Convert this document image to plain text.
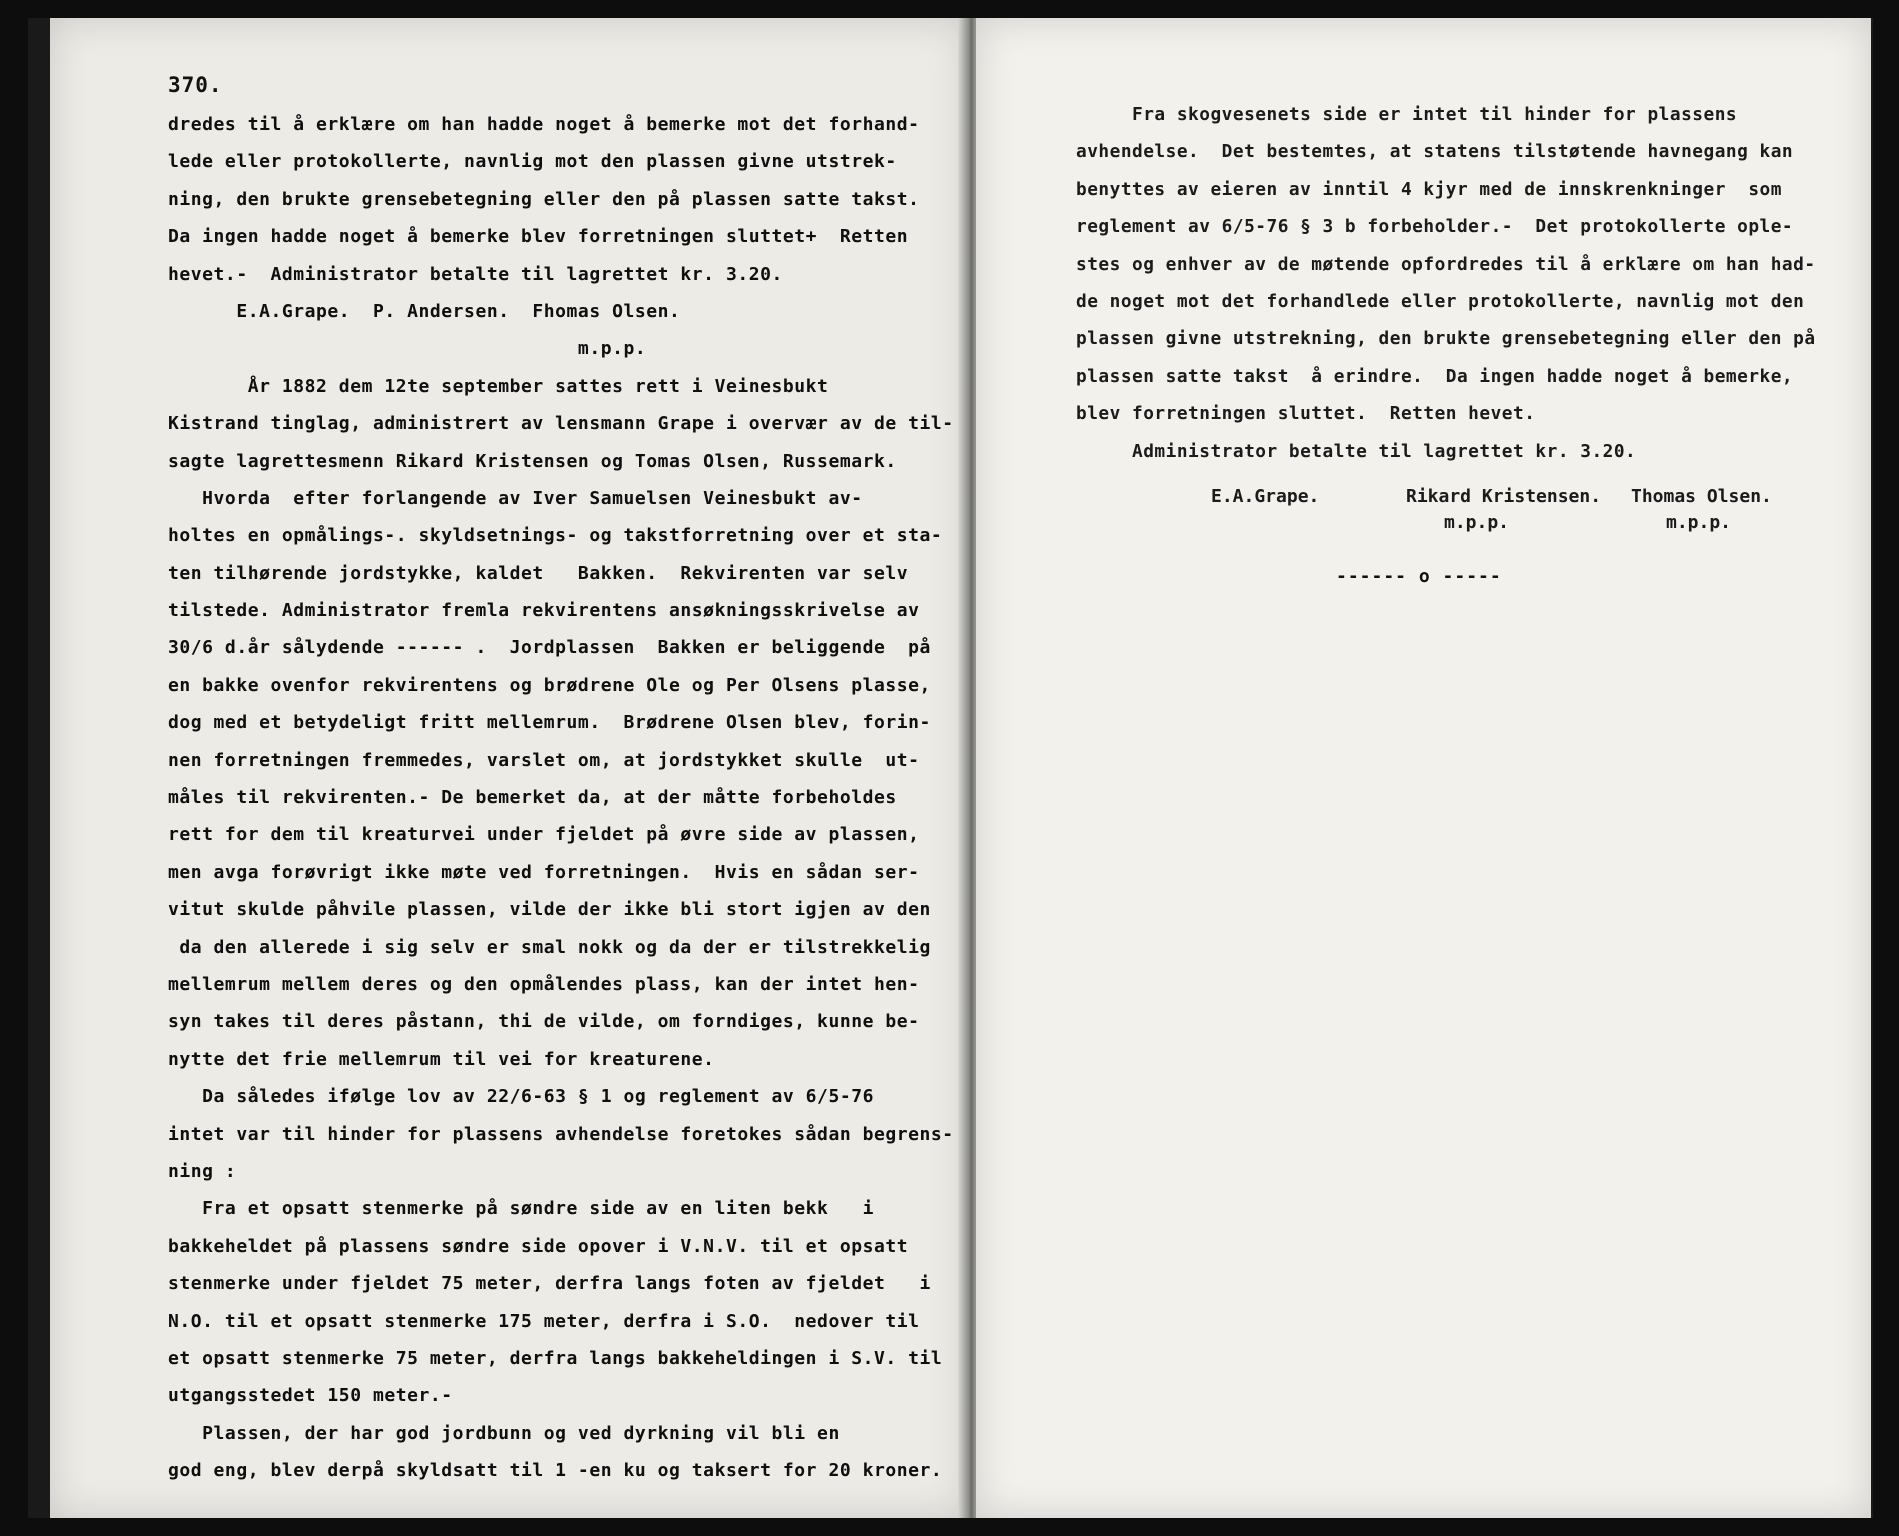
370.
dredes til å erklære om han hadde noget å bemerke mot det forhand-
lede eller protokollerte, navnlig mot den plassen givne utstrek-
ning, den brukte grensebetegning eller den på plassen satte takst.
Da ingen hadde noget å bemerke blev forretningen sluttet+  Retten
hevet.-  Administrator betalte til lagrettet kr. 3.20.
E.A.Grape.  P. Andersen.  Fhomas Olsen.
m.p.p.
År 1882 dem 12te september sattes rett i Veinesbukt
Kistrand tinglag, administrert av lensmann Grape i overvær av de til-
sagte lagrettesmenn Rikard Kristensen og Tomas Olsen, Russemark.
Hvorda  efter forlangende av Iver Samuelsen Veinesbukt av-
holtes en opmålings-. skyldsetnings- og takstforretning over et sta-
ten tilhørende jordstykke, kaldet   Bakken.  Rekvirenten var selv
tilstede. Administrator fremla rekvirentens ansøkningsskrivelse av
30/6 d.år sålydende ------ .  Jordplassen  Bakken er beliggende  på
en bakke ovenfor rekvirentens og brødrene Ole og Per Olsens plasse,
dog med et betydeligt fritt mellemrum.  Brødrene Olsen blev, forin-
nen forretningen fremmedes, varslet om, at jordstykket skulle  ut-
måles til rekvirenten.- De bemerket da, at der måtte forbeholdes
rett for dem til kreaturvei under fjeldet på øvre side av plassen,
men avga forøvrigt ikke møte ved forretningen.  Hvis en sådan ser-
vitut skulde påhvile plassen, vilde der ikke bli stort igjen av den
da den allerede i sig selv er smal nokk og da der er tilstrekkelig
mellemrum mellem deres og den opmålendes plass, kan der intet hen-
syn takes til deres påstann, thi de vilde, om forndiges, kunne be-
nytte det frie mellemrum til vei for kreaturene.
Da således ifølge lov av 22/6-63 § 1 og reglement av 6/5-76
intet var til hinder for plassens avhendelse foretokes sådan begrens-
ning :
Fra et opsatt stenmerke på søndre side av en liten bekk   i
bakkeheldet på plassens søndre side opover i V.N.V. til et opsatt
stenmerke under fjeldet 75 meter, derfra langs foten av fjeldet   i
N.O. til et opsatt stenmerke 175 meter, derfra i S.O.  nedover til
et opsatt stenmerke 75 meter, derfra langs bakkeheldingen i S.V. til
utgangsstedet 150 meter.-
Plassen, der har god jordbunn og ved dyrkning vil bli en
god eng, blev derpå skyldsatt til 1 -en ku og taksert for 20 kroner.
Fra skogvesenets side er intet til hinder for plassens
avhendelse.  Det bestemtes, at statens tilstøtende havnegang kan
benyttes av eieren av inntil 4 kjyr med de innskrenkninger  som
reglement av 6/5-76 § 3 b forbeholder.-  Det protokollerte ople-
stes og enhver av de møtende opfordredes til å erklære om han had-
de noget mot det forhandlede eller protokollerte, navnlig mot den
plassen givne utstrekning, den brukte grensebetegning eller den på
plassen satte takst  å erindre.  Da ingen hadde noget å bemerke,
blev forretningen sluttet.  Retten hevet.
Administrator betalte til lagrettet kr. 3.20.
E.A.Grape.	Rikard Kristensen. Thomas Olsen.
m.p.p.	m.p.p.
------ o -----
